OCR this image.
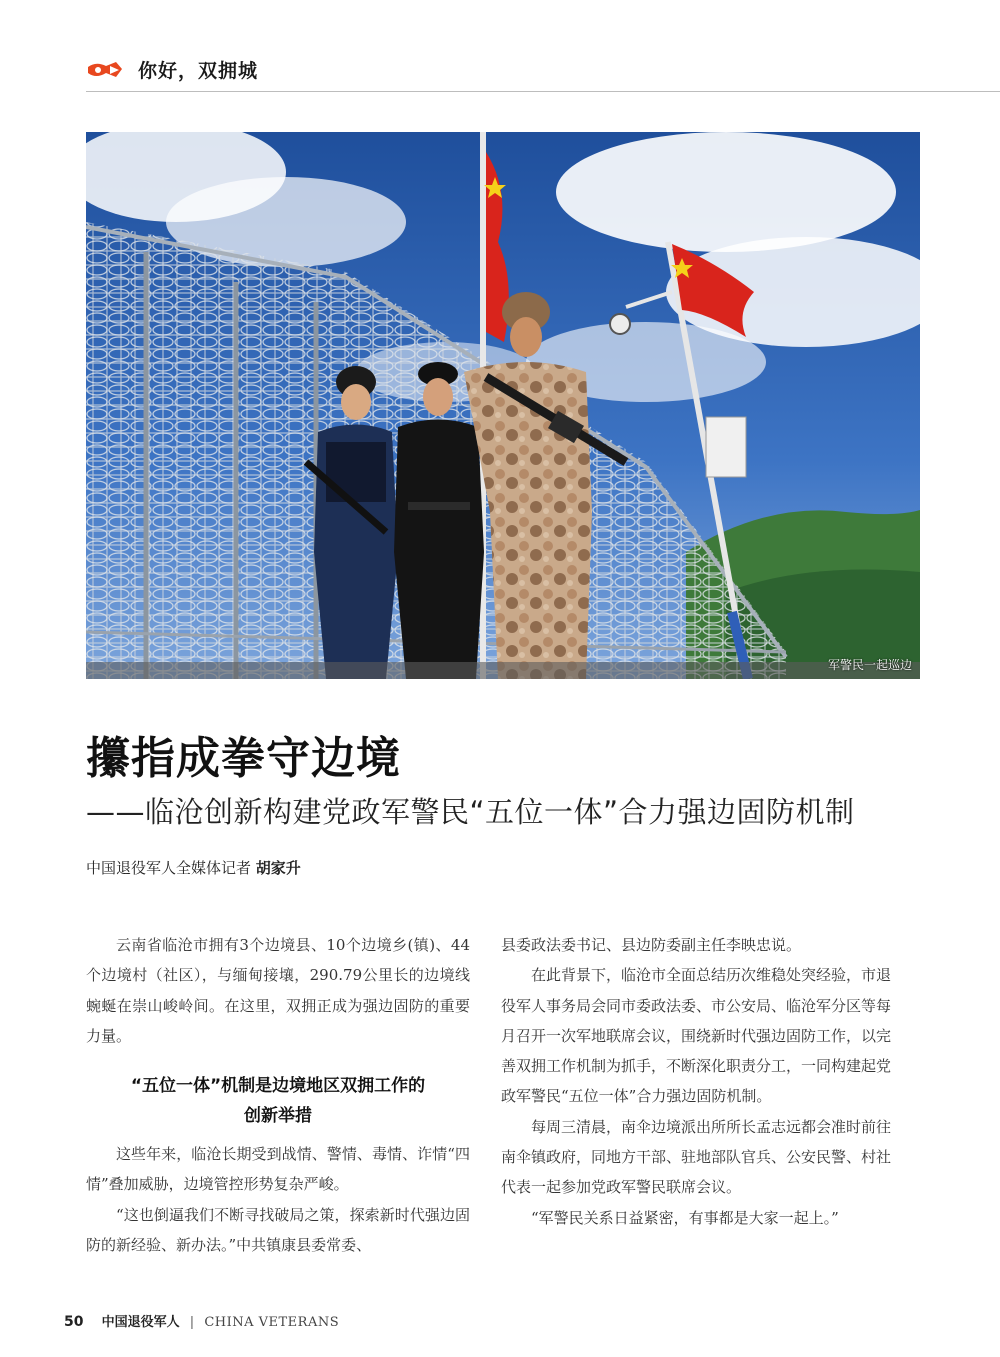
你好，双拥城
军警民一起巡边
攥指成拳守边境
——临沧创新构建党政军警民“五位一体”合力强边固防机制
中国退役军人全媒体记者 胡家升

云南省临沧市拥有3个边境县、10个边境乡(镇)、44个边境村（社区），与缅甸接壤，290.79公里长的边境线蜿蜒在崇山峻岭间。在这里，双拥正成为强边固防的重要力量。

“五位一体”机制是边境地区双拥工作的
创新举措

这些年来，临沧长期受到战情、警情、毒情、诈情“四情”叠加威胁，边境管控形势复杂严峻。

“这也倒逼我们不断寻找破局之策，探索新时代强边固防的新经验、新办法。”中共镇康县委常委、

县委政法委书记、县边防委副主任李映忠说。

在此背景下，临沧市全面总结历次维稳处突经验，市退役军人事务局会同市委政法委、市公安局、临沧军分区等每月召开一次军地联席会议，围绕新时代强边固防工作，以完善双拥工作机制为抓手，不断深化职责分工，一同构建起党政军警民“五位一体”合力强边固防机制。

每周三清晨，南伞边境派出所所长孟志远都会准时前往南伞镇政府，同地方干部、驻地部队官兵、公安民警、村社代表一起参加党政军警民联席会议。

“军警民关系日益紧密，有事都是大家一起上。”

50 中国退役军人 | CHINA VETERANS
